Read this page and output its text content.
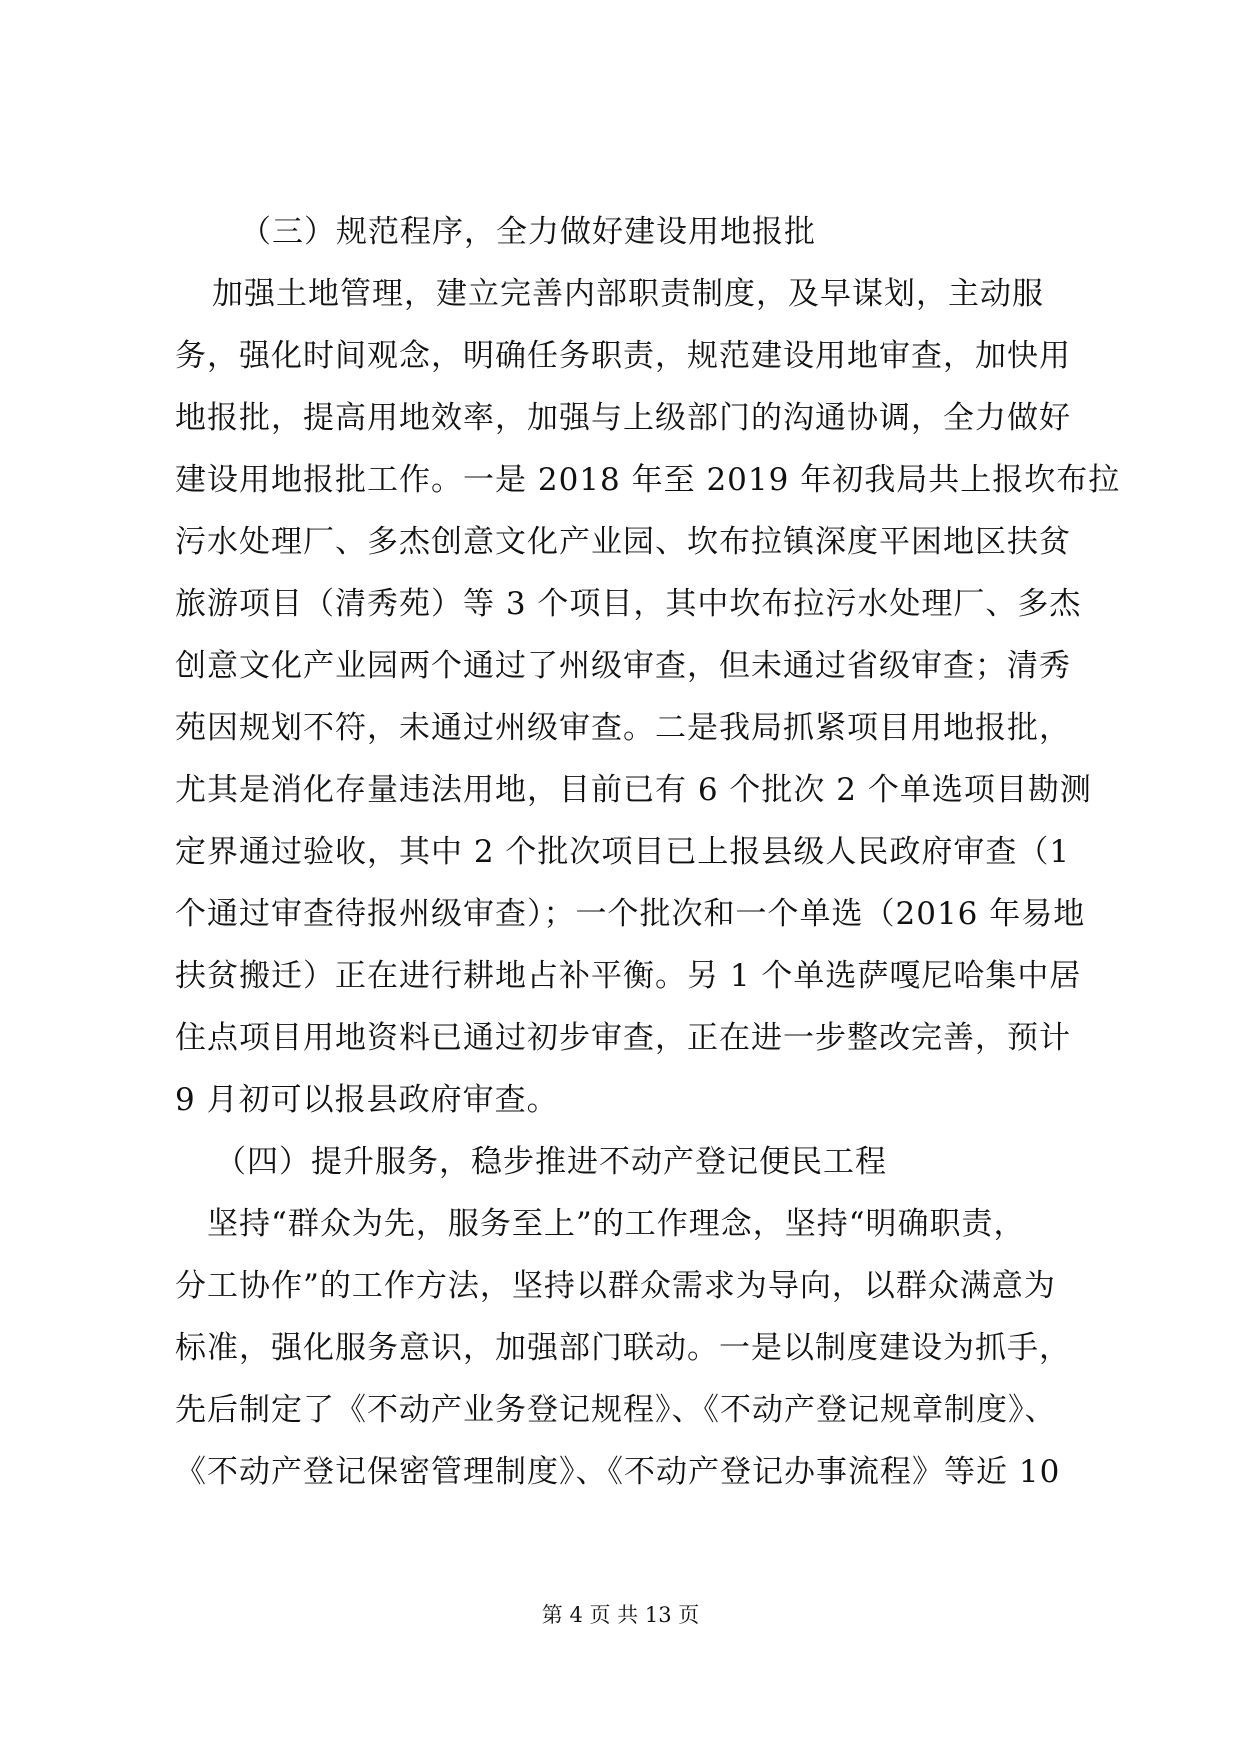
（三）规范程序，全力做好建设用地报批
加强土地管理，建立完善内部职责制度，及早谋划，主动服
务，强化时间观念，明确任务职责，规范建设用地审查，加快用
地报批，提高用地效率，加强与上级部门的沟通协调，全力做好
建设用地报批工作。一是 2018 年至 2019 年初我局共上报坎布拉
污水处理厂、多杰创意文化产业园、坎布拉镇深度平困地区扶贫
旅游项目（清秀苑）等 3 个项目，其中坎布拉污水处理厂、多杰
创意文化产业园两个通过了州级审查，但未通过省级审查；清秀
苑因规划不符，未通过州级审查。二是我局抓紧项目用地报批，
尤其是消化存量违法用地，目前已有 6 个批次 2 个单选项目勘测
定界通过验收，其中 2 个批次项目已上报县级人民政府审查（1
个通过审查待报州级审查）；一个批次和一个单选（2016 年易地
扶贫搬迁）正在进行耕地占补平衡。另 1 个单选萨嘎尼哈集中居
住点项目用地资料已通过初步审查，正在进一步整改完善，预计
9 月初可以报县政府审查。
（四）提升服务，稳步推进不动产登记便民工程
坚持“群众为先，服务至上”的工作理念，坚持“明确职责，
分工协作”的工作方法，坚持以群众需求为导向，以群众满意为
标准，强化服务意识，加强部门联动。一是以制度建设为抓手，
先后制定了《不动产业务登记规程》、《不动产登记规章制度》、
《不动产登记保密管理制度》、《不动产登记办事流程》等近 10
第 4 页 共 13 页
